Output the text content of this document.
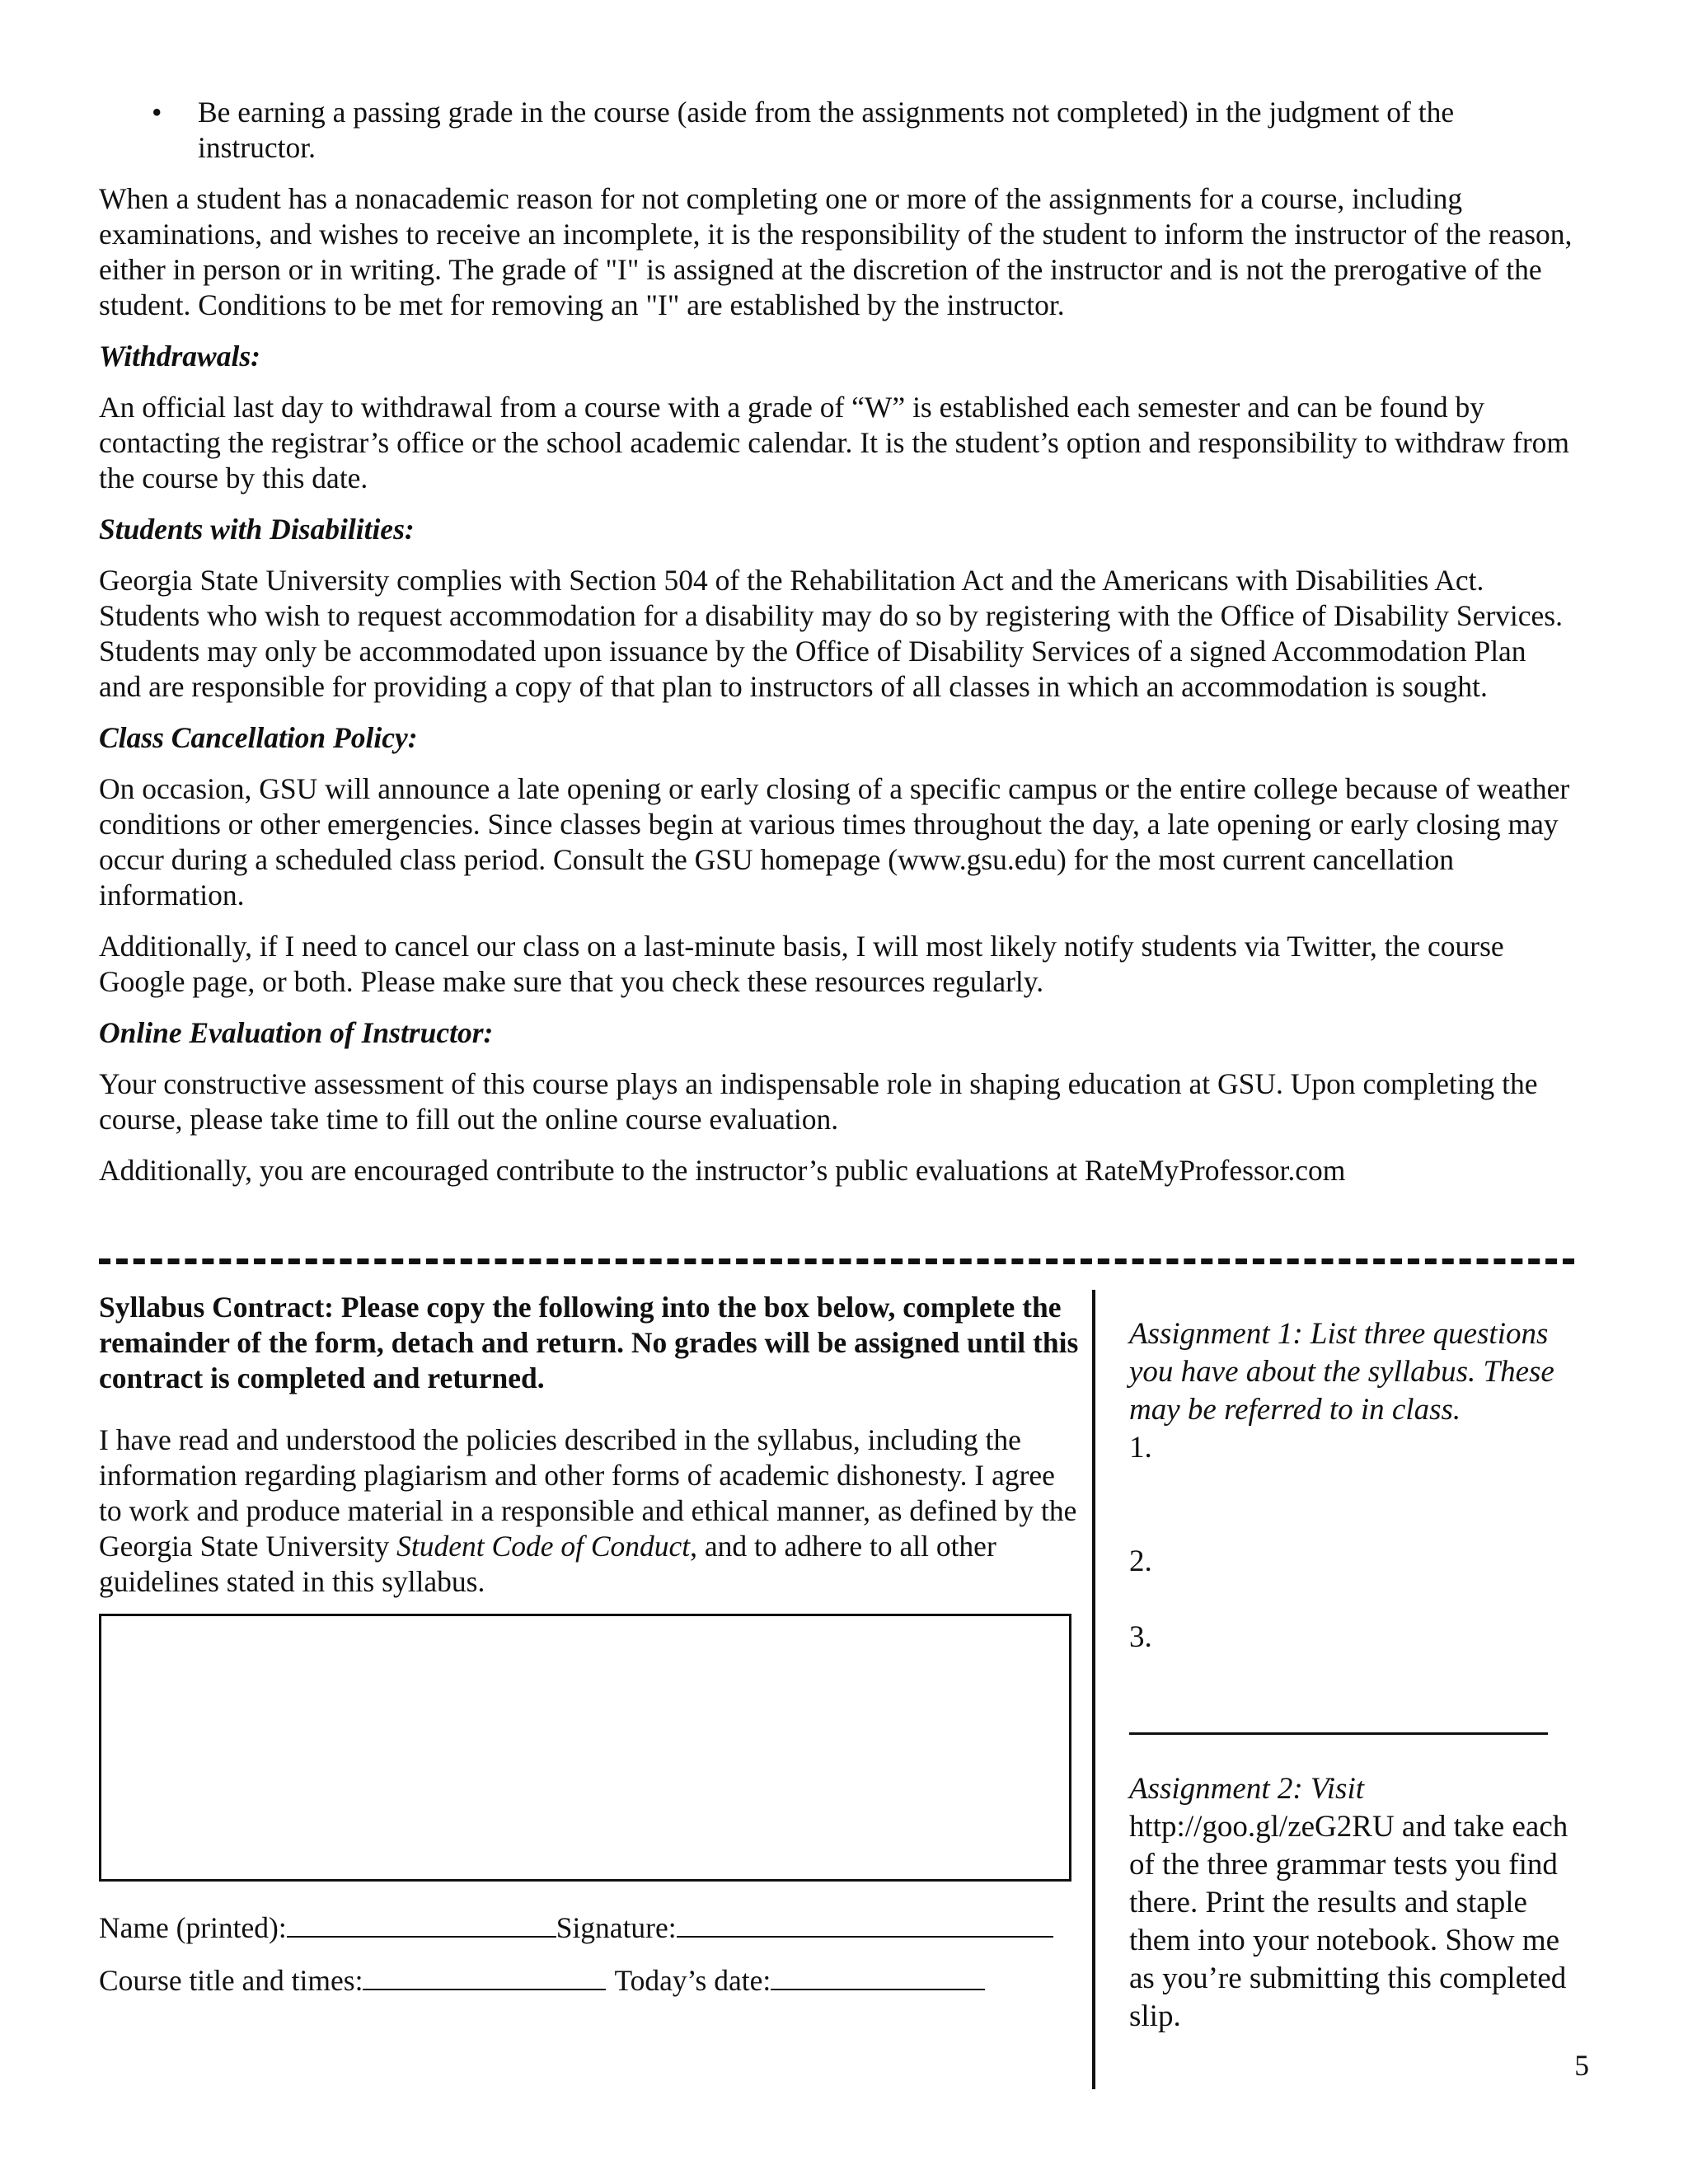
• Be earning a passing grade in the course (aside from the assignments not completed) in the judgment of the instructor.

When a student has a nonacademic reason for not completing one or more of the assignments for a course, including examinations, and wishes to receive an incomplete, it is the responsibility of the student to inform the instructor of the reason, either in person or in writing. The grade of "I" is assigned at the discretion of the instructor and is not the prerogative of the student. Conditions to be met for removing an "I" are established by the instructor.

Withdrawals:

An official last day to withdrawal from a course with a grade of “W” is established each semester and can be found by contacting the registrar’s office or the school academic calendar. It is the student’s option and responsibility to withdraw from the course by this date.

Students with Disabilities:

Georgia State University complies with Section 504 of the Rehabilitation Act and the Americans with Disabilities Act. Students who wish to request accommodation for a disability may do so by registering with the Office of Disability Services. Students may only be accommodated upon issuance by the Office of Disability Services of a signed Accommodation Plan and are responsible for providing a copy of that plan to instructors of all classes in which an accommodation is sought.

Class Cancellation Policy:

On occasion, GSU will announce a late opening or early closing of a specific campus or the entire college because of weather conditions or other emergencies. Since classes begin at various times throughout the day, a late opening or early closing may occur during a scheduled class period. Consult the GSU homepage (www.gsu.edu) for the most current cancellation information.

Additionally, if I need to cancel our class on a last-minute basis, I will most likely notify students via Twitter, the course Google page, or both. Please make sure that you check these resources regularly.

Online Evaluation of Instructor:

Your constructive assessment of this course plays an indispensable role in shaping education at GSU. Upon completing the course, please take time to fill out the online course evaluation.

Additionally, you are encouraged contribute to the instructor’s public evaluations at RateMyProfessor.com

Syllabus Contract: Please copy the following into the box below, complete the remainder of the form, detach and return. No grades will be assigned until this contract is completed and returned.

I have read and understood the policies described in the syllabus, including the information regarding plagiarism and other forms of academic dishonesty. I agree to work and produce material in a responsible and ethical manner, as defined by the Georgia State University Student Code of Conduct, and to adhere to all other guidelines stated in this syllabus.

Name (printed):	Signature:
Course title and times:	Today’s date:
Assignment 1: List three questions you have about the syllabus. These may be referred to in class.
1.
2.
3.
Assignment 2: Visit
http://goo.gl/zeG2RU and take each of the three grammar tests you find there. Print the results and staple them into your notebook. Show me as you’re submitting this completed slip.
5
